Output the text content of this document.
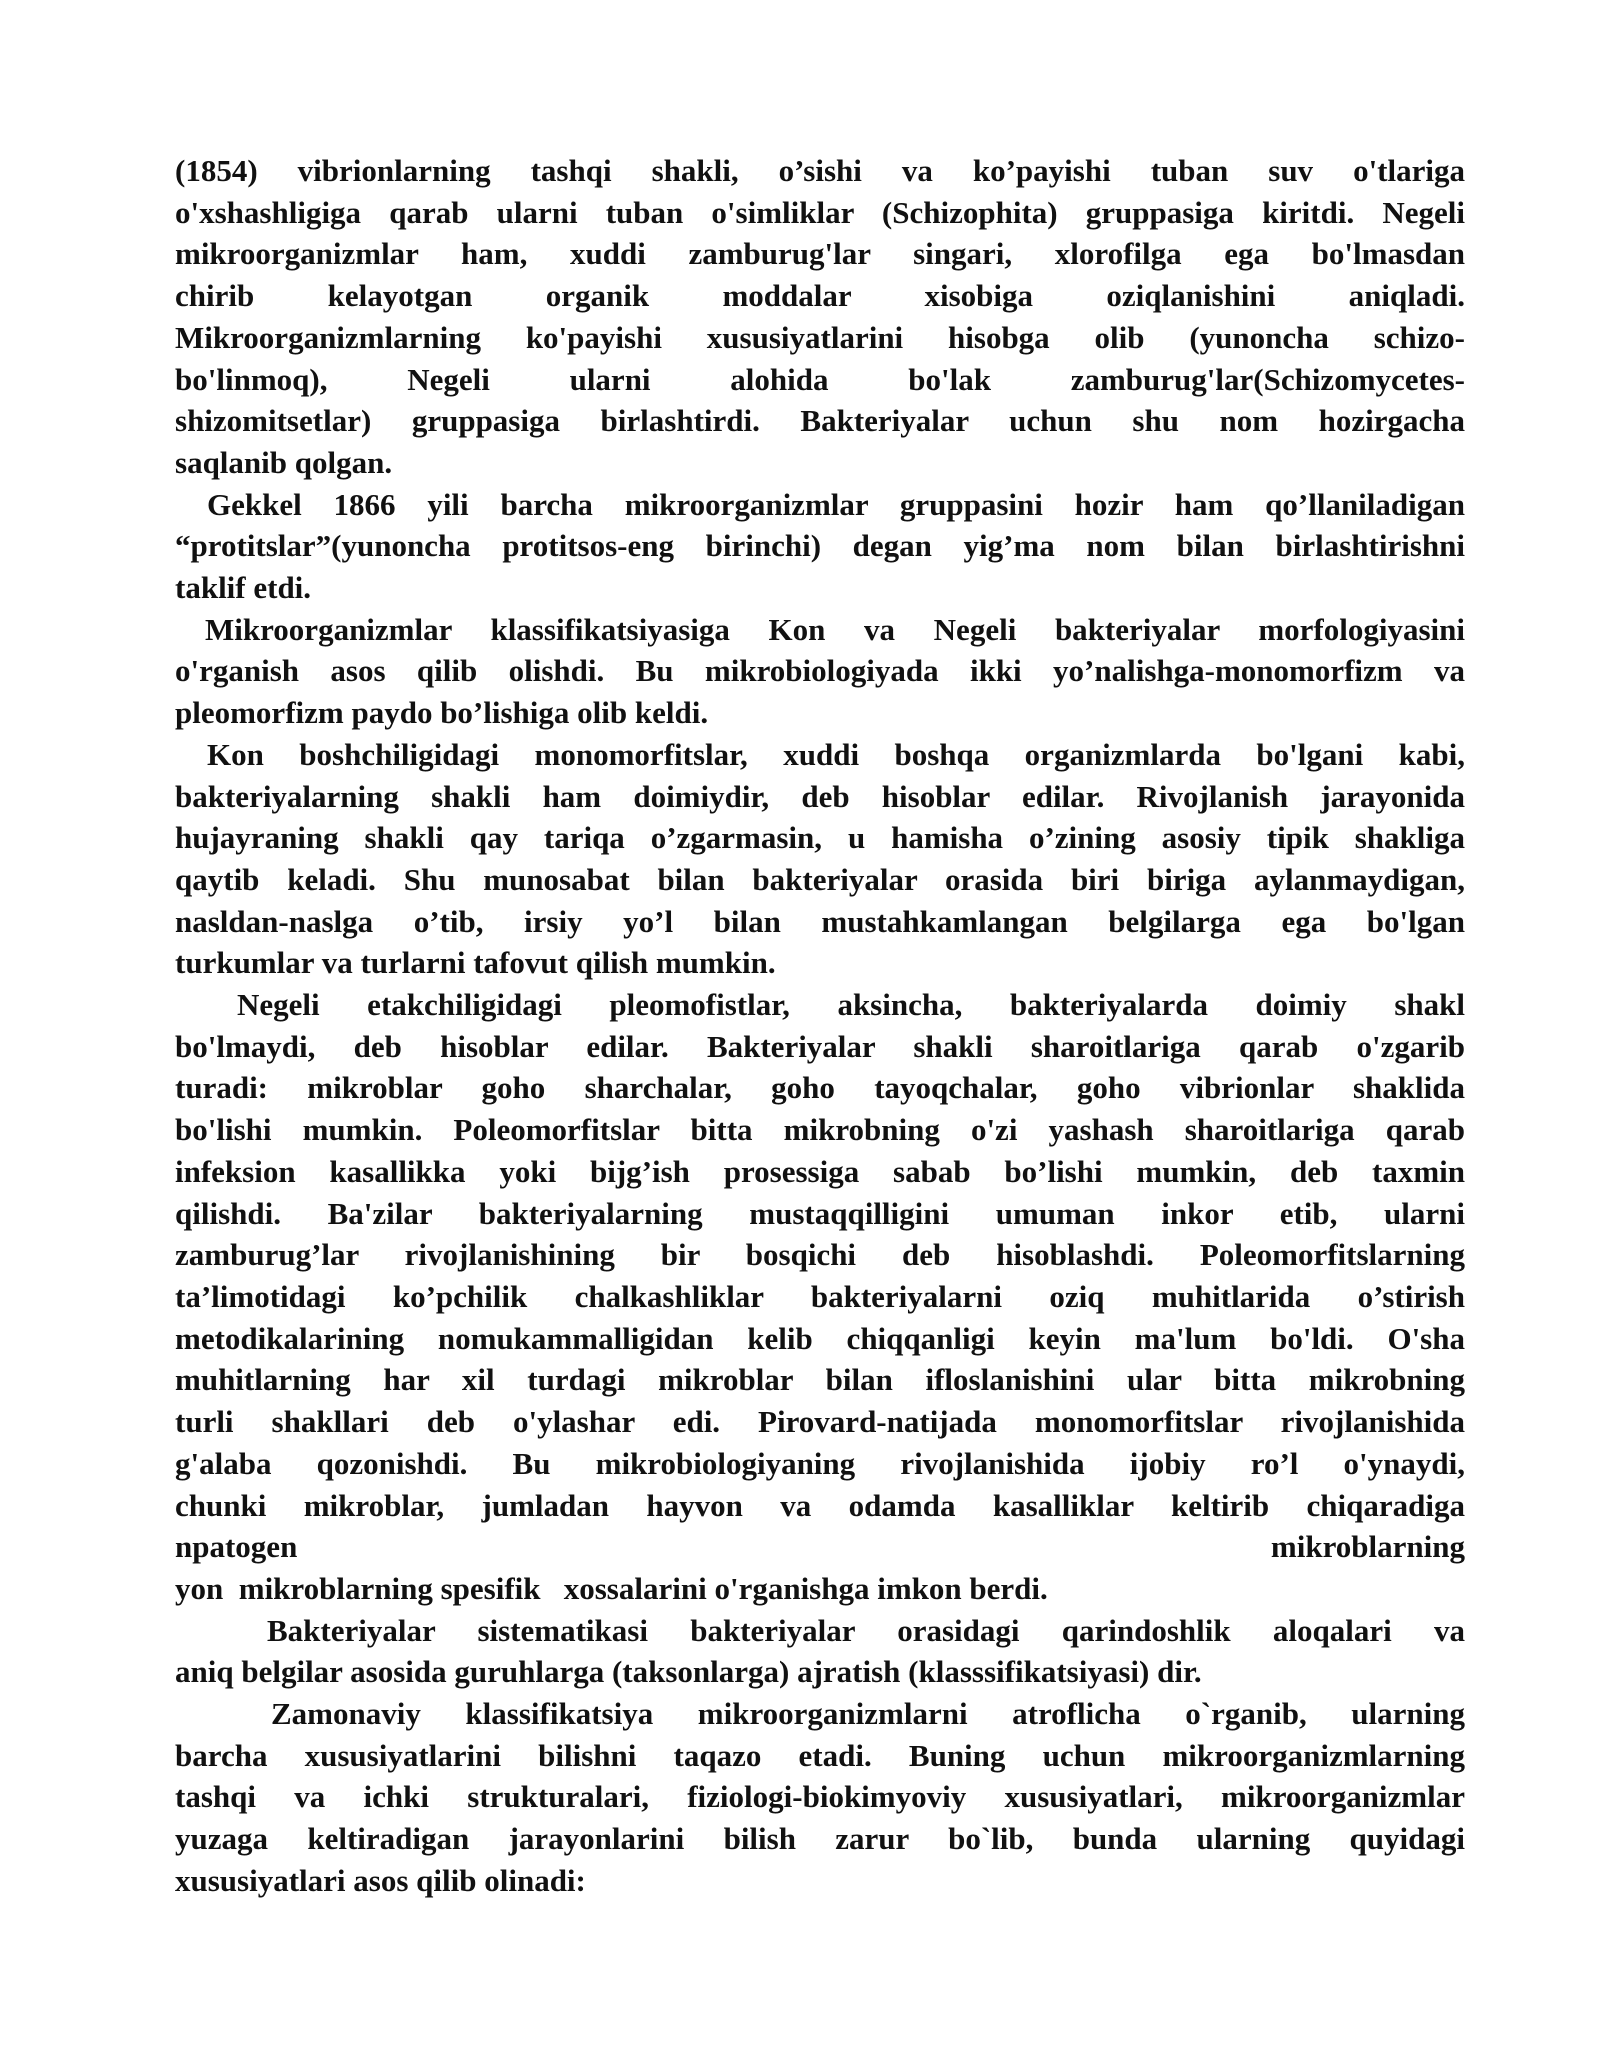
(1854) vibrionlarning tashqi shakli, o’sishi va ko’payishi tuban suv o'tlariga
o'xshashligiga qarab ularni tuban o'simliklar (Schizophita) gruppasiga kiritdi. Negeli
mikroorganizmlar ham, xuddi zamburug'lar singari, xlorofilga ega bo'lmasdan
chirib kelayotgan organik moddalar xisobiga oziqlanishini aniqladi.
Mikroorganizmlarning ko'payishi xususiyatlarini hisobga olib (yunoncha schizo-
bo'linmoq), Negeli ularni alohida bo'lak zamburug'lar(Schizomycetes-
shizomitsetlar) gruppasiga birlashtirdi. Bakteriyalar uchun shu nom hozirgacha
saqlanib qolgan.
Gekkel 1866 yili barcha mikroorganizmlar gruppasini hozir ham qo’llaniladigan
“protitslar”(yunoncha protitsos-eng birinchi) degan yig’ma nom bilan birlashtirishni
taklif etdi.
Mikroorganizmlar klassifikatsiyasiga Kon va Negeli bakteriyalar morfologiyasini
o'rganish asos qilib olishdi. Bu mikrobiologiyada ikki yo’nalishga-monomorfizm va
pleomorfizm paydo bo’lishiga olib keldi.
Kon boshchiligidagi monomorfitslar, xuddi boshqa organizmlarda bo'lgani kabi,
bakteriyalarning shakli ham doimiydir, deb hisoblar edilar. Rivojlanish jarayonida
hujayraning shakli qay tariqa o’zgarmasin, u hamisha o’zining asosiy tipik shakliga
qaytib keladi. Shu munosabat bilan bakteriyalar orasida biri biriga aylanmaydigan,
nasldan-naslga o’tib, irsiy yo’l bilan mustahkamlangan belgilarga ega bo'lgan
turkumlar va turlarni tafovut qilish mumkin.
Negeli etakchiligidagi pleomofistlar, aksincha, bakteriyalarda doimiy shakl
bo'lmaydi, deb hisoblar edilar. Bakteriyalar shakli sharoitlariga qarab o'zgarib
turadi: mikroblar goho sharchalar, goho tayoqchalar, goho vibrionlar shaklida
bo'lishi mumkin. Poleomorfitslar bitta mikrobning o'zi yashash sharoitlariga qarab
infeksion kasallikka yoki bijg’ish prosessiga sabab bo’lishi mumkin, deb taxmin
qilishdi. Ba'zilar bakteriyalarning mustaqqilligini umuman inkor etib, ularni
zamburug’lar rivojlanishining bir bosqichi deb hisoblashdi. Poleomorfitslarning
ta’limotidagi ko’pchilik chalkashliklar bakteriyalarni oziq muhitlarida o’stirish
metodikalarining nomukammalligidan kelib chiqqanligi keyin ma'lum bo'ldi. O'sha
muhitlarning har xil turdagi mikroblar bilan ifloslanishini ular bitta mikrobning
turli shakllari deb o'ylashar edi. Pirovard-natijada monomorfitslar rivojlanishida
g'alaba qozonishdi. Bu mikrobiologiyaning rivojlanishida ijobiy ro’l o'ynaydi,
chunki mikroblar, jumladan hayvon va odamda kasalliklar keltirib chiqaradiga
npatogen	mikroblarning
yon  mikroblarning spesifik   xossalarini o'rganishga imkon berdi.
Bakteriyalar sistematikasi bakteriyalar orasidagi qarindoshlik aloqalari va
aniq belgilar asosida guruhlarga (taksonlarga) ajratish (klasssifikatsiyasi) dir.
Zamonaviy klassifikatsiya mikroorganizmlarni atroflicha o`rganib, ularning
barcha xususiyatlarini bilishni taqazo etadi. Buning uchun mikroorganizmlarning
tashqi va ichki strukturalari, fiziologi-biokimyoviy xususiyatlari, mikroorganizmlar
yuzaga keltiradigan jarayonlarini bilish zarur bo`lib, bunda ularning quyidagi
xususiyatlari asos qilib olinadi:
